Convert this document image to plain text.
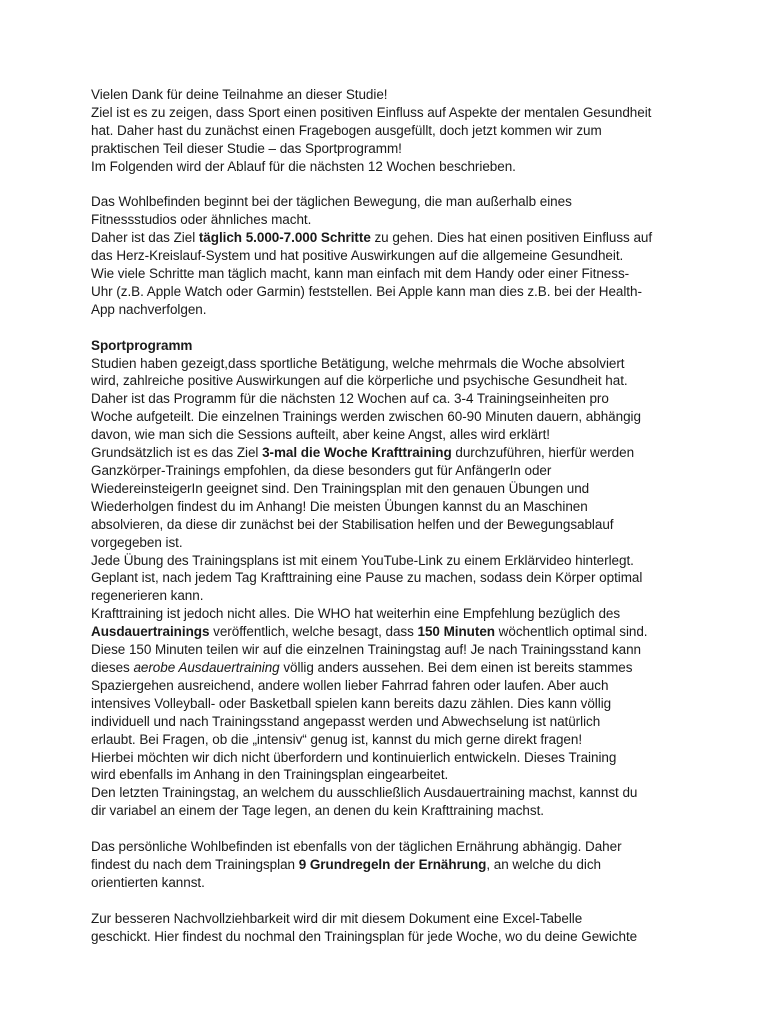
Vielen Dank für deine Teilnahme an dieser Studie!
Ziel ist es zu zeigen, dass Sport einen positiven Einfluss auf Aspekte der mentalen Gesundheit
hat. Daher hast du zunächst einen Fragebogen ausgefüllt, doch jetzt kommen wir zum
praktischen Teil dieser Studie – das Sportprogramm!
Im Folgenden wird der Ablauf für die nächsten 12 Wochen beschrieben.

Das Wohlbefinden beginnt bei der täglichen Bewegung, die man außerhalb eines
Fitnessstudios oder ähnliches macht.
Daher ist das Ziel täglich 5.000-7.000 Schritte zu gehen. Dies hat einen positiven Einfluss auf
das Herz-Kreislauf-System und hat positive Auswirkungen auf die allgemeine Gesundheit.
Wie viele Schritte man täglich macht, kann man einfach mit dem Handy oder einer Fitness-
Uhr (z.B. Apple Watch oder Garmin) feststellen. Bei Apple kann man dies z.B. bei der Health-
App nachverfolgen.

Sportprogramm
Studien haben gezeigt,dass sportliche Betätigung, welche mehrmals die Woche absolviert
wird, zahlreiche positive Auswirkungen auf die körperliche und psychische Gesundheit hat.
Daher ist das Programm für die nächsten 12 Wochen auf ca. 3-4 Trainingseinheiten pro
Woche aufgeteilt. Die einzelnen Trainings werden zwischen 60-90 Minuten dauern, abhängig
davon, wie man sich die Sessions aufteilt, aber keine Angst, alles wird erklärt!
Grundsätzlich ist es das Ziel 3-mal die Woche Krafttraining durchzuführen, hierfür werden
Ganzkörper-Trainings empfohlen, da diese besonders gut für AnfängerIn oder
WiedereinsteigerIn geeignet sind. Den Trainingsplan mit den genauen Übungen und
Wiederholgen findest du im Anhang! Die meisten Übungen kannst du an Maschinen
absolvieren, da diese dir zunächst bei der Stabilisation helfen und der Bewegungsablauf
vorgegeben ist.
Jede Übung des Trainingsplans ist mit einem YouTube-Link zu einem Erklärvideo hinterlegt.
Geplant ist, nach jedem Tag Krafttraining eine Pause zu machen, sodass dein Körper optimal
regenerieren kann.
Krafttraining ist jedoch nicht alles. Die WHO hat weiterhin eine Empfehlung bezüglich des
Ausdauertrainings veröffentlich, welche besagt, dass 150 Minuten wöchentlich optimal sind.
Diese 150 Minuten teilen wir auf die einzelnen Trainingstag auf! Je nach Trainingsstand kann
dieses aerobe Ausdauertraining völlig anders aussehen. Bei dem einen ist bereits stammes
Spaziergehen ausreichend, andere wollen lieber Fahrrad fahren oder laufen. Aber auch
intensives Volleyball- oder Basketball spielen kann bereits dazu zählen. Dies kann völlig
individuell und nach Trainingsstand angepasst werden und Abwechselung ist natürlich
erlaubt. Bei Fragen, ob die „intensiv“ genug ist, kannst du mich gerne direkt fragen!
Hierbei möchten wir dich nicht überfordern und kontinuierlich entwickeln. Dieses Training
wird ebenfalls im Anhang in den Trainingsplan eingearbeitet.
Den letzten Trainingstag, an welchem du ausschließlich Ausdauertraining machst, kannst du
dir variabel an einem der Tage legen, an denen du kein Krafttraining machst.

Das persönliche Wohlbefinden ist ebenfalls von der täglichen Ernährung abhängig. Daher
findest du nach dem Trainingsplan 9 Grundregeln der Ernährung, an welche du dich
orientierten kannst.

Zur besseren Nachvollziehbarkeit wird dir mit diesem Dokument eine Excel-Tabelle
geschickt. Hier findest du nochmal den Trainingsplan für jede Woche, wo du deine Gewichte
